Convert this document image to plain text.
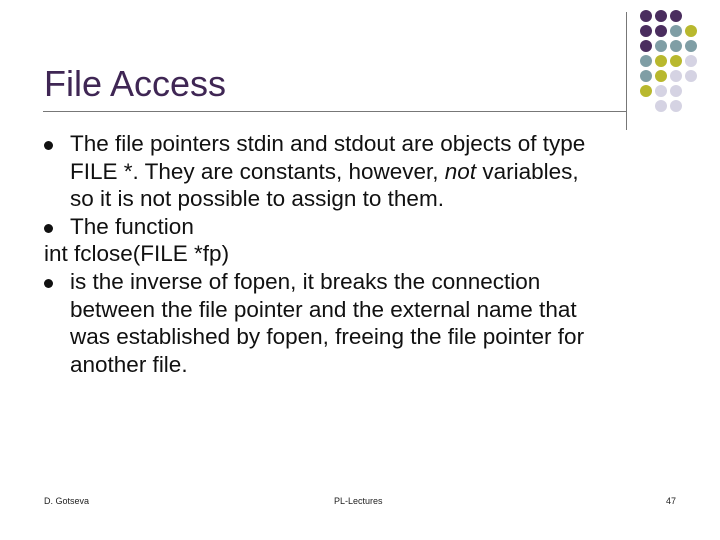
File Access
The file pointers stdin and stdout are objects of type
FILE *. They are constants, however, not variables,
so it is not possible to assign to them.
The function
int fclose(FILE *fp)
is the inverse of fopen, it breaks the connection
between the file pointer and the external name that
was established by fopen, freeing the file pointer for
another file.
D. Gotseva	PL-Lectures	47
